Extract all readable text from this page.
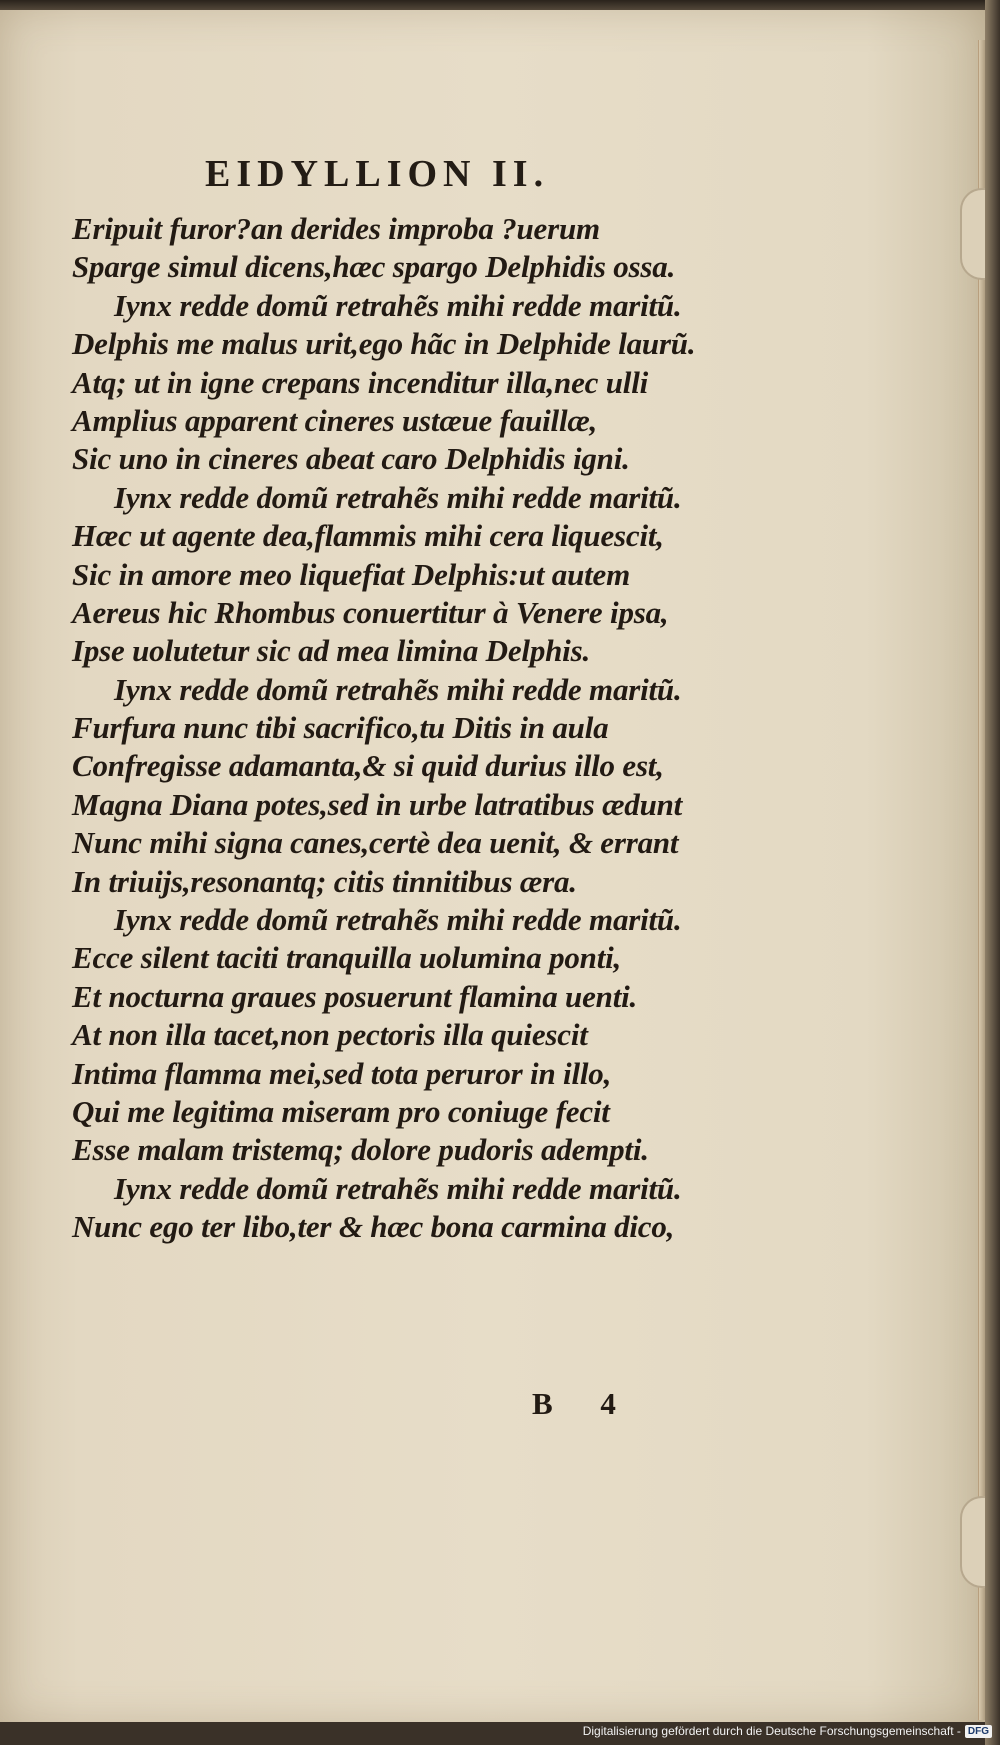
EIDYLLION II.
Eripuit furor?an derides improba ?uerum
Sparge simul dicens,hæc spargo Delphidis ossa.
Iynx redde domũ retrahẽs mihi redde maritũ.
Delphis me malus urit,ego hãc in Delphide laurũ.
Atq; ut in igne crepans incenditur illa,nec ulli
Amplius apparent cineres ustæue fauillæ,
Sic uno in cineres abeat caro Delphidis igni.
Iynx redde domũ retrahẽs mihi redde maritũ.
Hæc ut agente dea,flammis mihi cera liquescit,
Sic in amore meo liquefiat Delphis:ut autem
Aereus hic Rhombus conuertitur à Venere ipsa,
Ipse uolutetur sic ad mea limina Delphis.
Iynx redde domũ retrahẽs mihi redde maritũ.
Furfura nunc tibi sacrifico,tu Ditis in aula
Confregisse adamanta,& si quid durius illo est,
Magna Diana potes,sed in urbe latratibus ædunt
Nunc mihi signa canes,certè dea uenit, & errant
In triuijs,resonantq; citis tinnitibus æra.
Iynx redde domũ retrahẽs mihi redde maritũ.
Ecce silent taciti tranquilla uolumina ponti,
Et nocturna graues posuerunt flamina uenti.
At non illa tacet,non pectoris illa quiescit
Intima flamma mei,sed tota peruror in illo,
Qui me legitima miseram pro coniuge fecit
Esse malam tristemq; dolore pudoris adempti.
Iynx redde domũ retrahẽs mihi redde maritũ.
Nunc ego ter libo,ter & hæc bona carmina dico,
B 4
Digitalisierung gefördert durch die Deutsche Forschungsgemeinschaft - DFG
